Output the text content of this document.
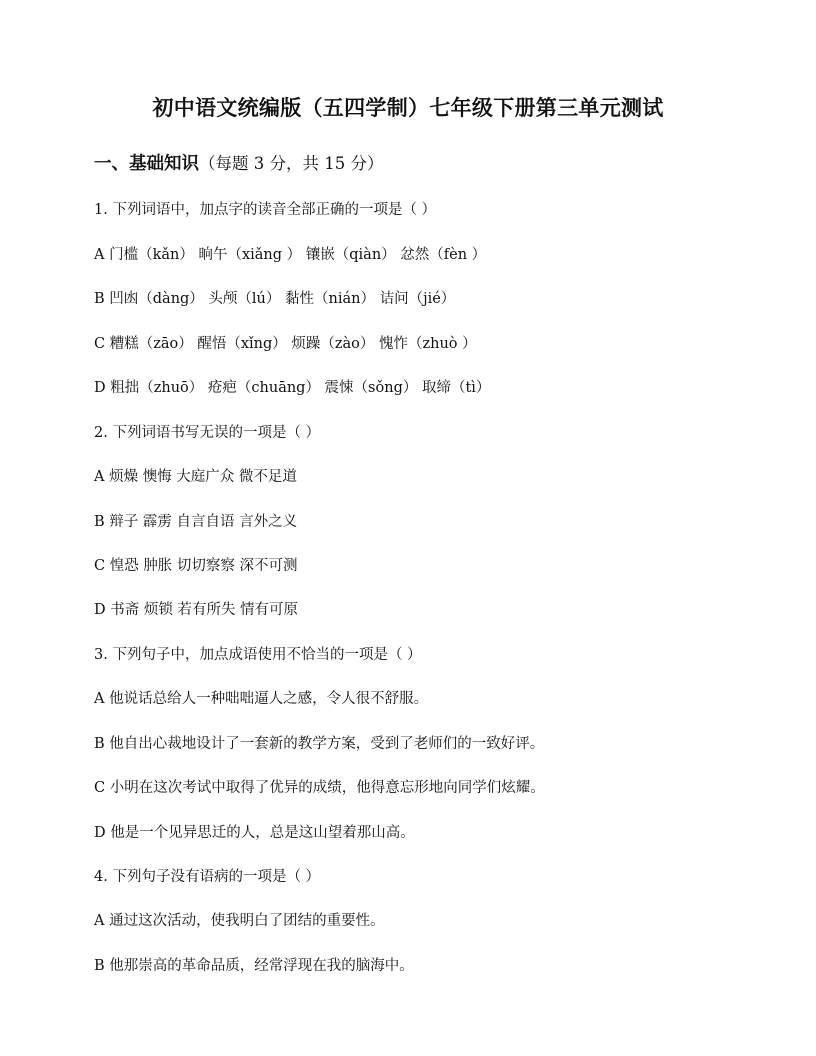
初中语文统编版（五四学制）七年级下册第三单元测试
一、基础知识（每题 3 分，共 15 分）
1. 下列词语中，加点字的读音全部正确的一项是（ ）
A 门槛（kǎn） 晌午（xiǎng ） 镶嵌（qiàn） 忿然（fèn ）
B 凹凼（dàng） 头颅（lú） 黏性（nián） 诘问（jié）
C 糟糕（zāo） 醒悟（xǐng） 烦躁（zào） 愧怍（zhuò ）
D 粗拙（zhuō） 疮疤（chuāng） 震悚（sǒng） 取缔（tì）
2. 下列词语书写无误的一项是（ ）
A 烦燥 懊悔 大庭广众 微不足道
B 辩子 霹雳 自言自语 言外之义
C 惶恐 肿胀 切切察察 深不可测
D 书斋 烦锁 若有所失 情有可原
3. 下列句子中，加点成语使用不恰当的一项是（ ）
A 他说话总给人一种咄咄逼人之感，令人很不舒服。
B 他自出心裁地设计了一套新的教学方案，受到了老师们的一致好评。
C 小明在这次考试中取得了优异的成绩，他得意忘形地向同学们炫耀。
D 他是一个见异思迁的人，总是这山望着那山高。
4. 下列句子没有语病的一项是（ ）
A 通过这次活动，使我明白了团结的重要性。
B 他那崇高的革命品质，经常浮现在我的脑海中。
